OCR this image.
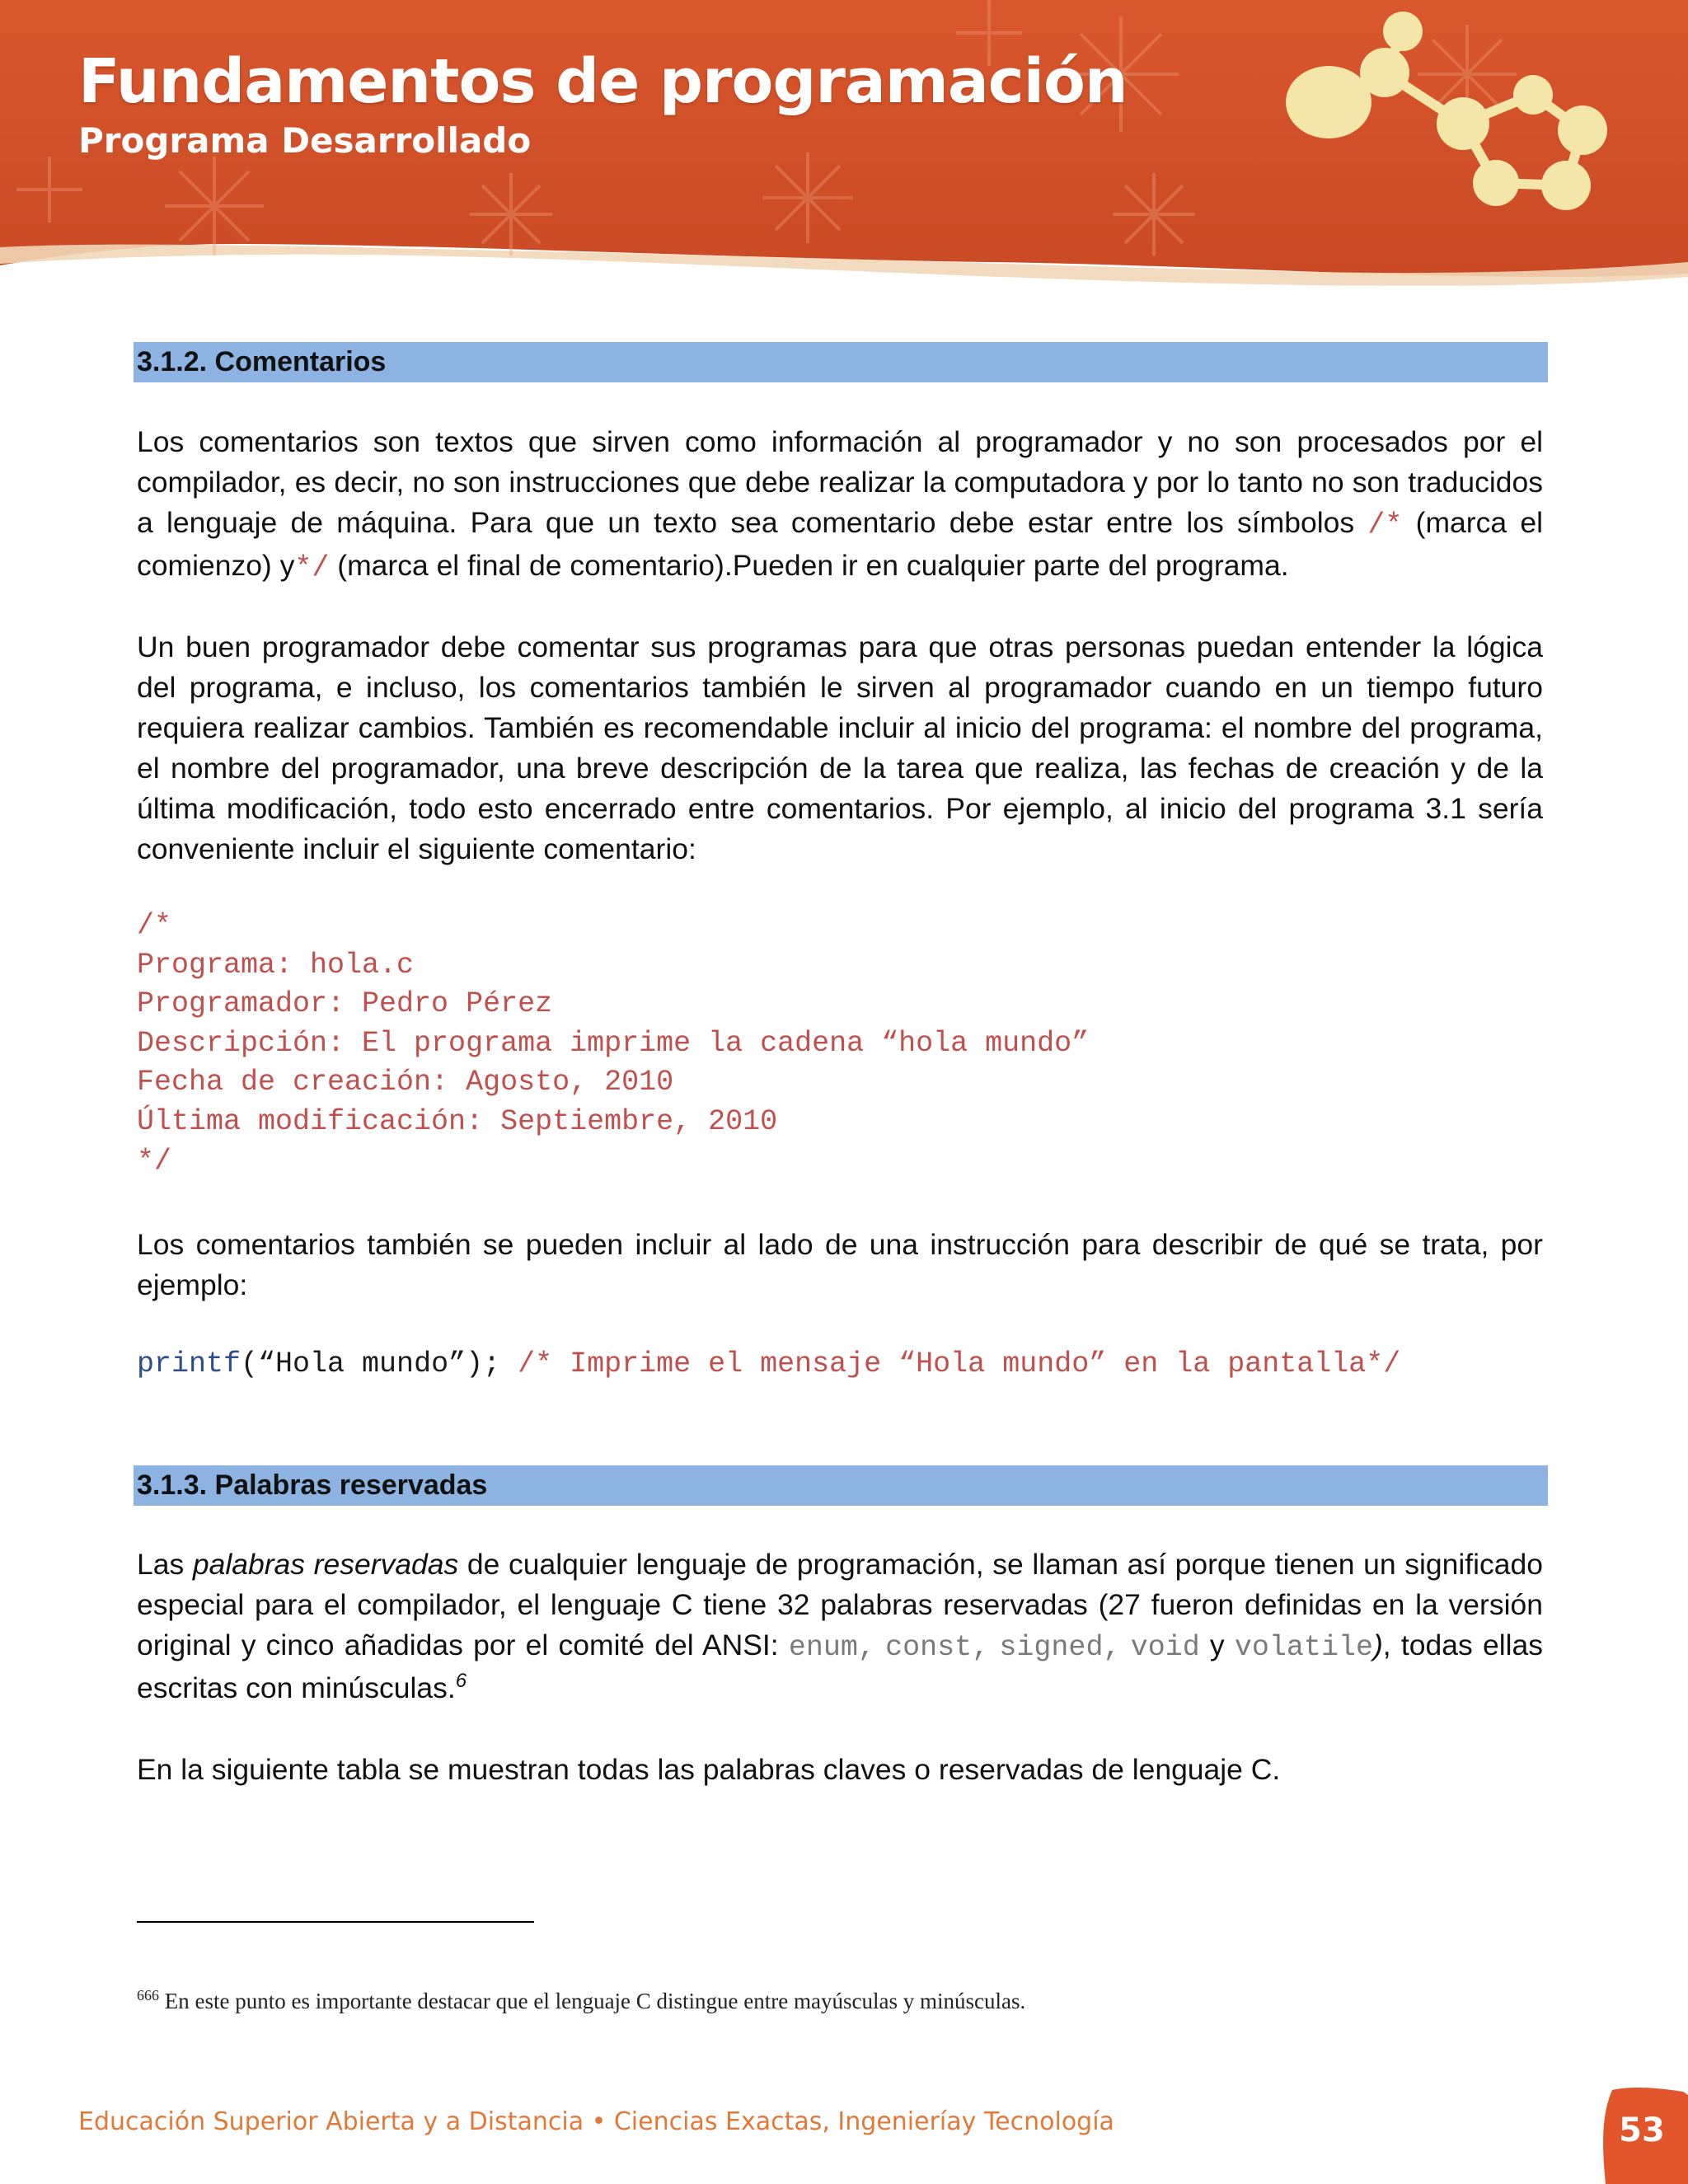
Fundamentos de programación
Programa Desarrollado
3.1.2. Comentarios

Los comentarios son textos que sirven como información al programador y no son procesados por el compilador, es decir, no son instrucciones que debe realizar la computadora y por lo tanto no son traducidos a lenguaje de máquina. Para que un texto sea comentario debe estar entre los símbolos /* (marca el comienzo) y*/ (marca el final de comentario).Pueden ir en cualquier parte del programa.

Un buen programador debe comentar sus programas para que otras personas puedan entender la lógica del programa, e incluso, los comentarios también le sirven al programador cuando en un tiempo futuro requiera realizar cambios. También es recomendable incluir al inicio del programa: el nombre del programa, el nombre del programador, una breve descripción de la tarea que realiza, las fechas de creación y de la última modificación, todo esto encerrado entre comentarios. Por ejemplo, al inicio del programa 3.1 sería conveniente incluir el siguiente comentario:

/*
Programa: hola.c
Programador: Pedro Pérez
Descripción: El programa imprime la cadena “hola mundo”
Fecha de creación: Agosto, 2010
Última modificación: Septiembre, 2010
*/

Los comentarios también se pueden incluir al lado de una instrucción para describir de qué se trata, por ejemplo:

printf(“Hola mundo”); /* Imprime el mensaje “Hola mundo” en la pantalla*/
3.1.3. Palabras reservadas

Las palabras reservadas de cualquier lenguaje de programación, se llaman así porque tienen un significado especial para el compilador, el lenguaje C tiene 32 palabras reservadas (27 fueron definidas en la versión original y cinco añadidas por el comité del ANSI: enum, const, signed, void y volatile), todas ellas escritas con minúsculas.$^6$

En la siguiente tabla se muestran todas las palabras claves o reservadas de lenguaje C.

$^{666}$ En este punto es importante destacar que el lenguaje C distingue entre mayúsculas y minúsculas.
Educación Superior Abierta y a Distancia • Ciencias Exactas, Ingenieríay Tecnología	53
